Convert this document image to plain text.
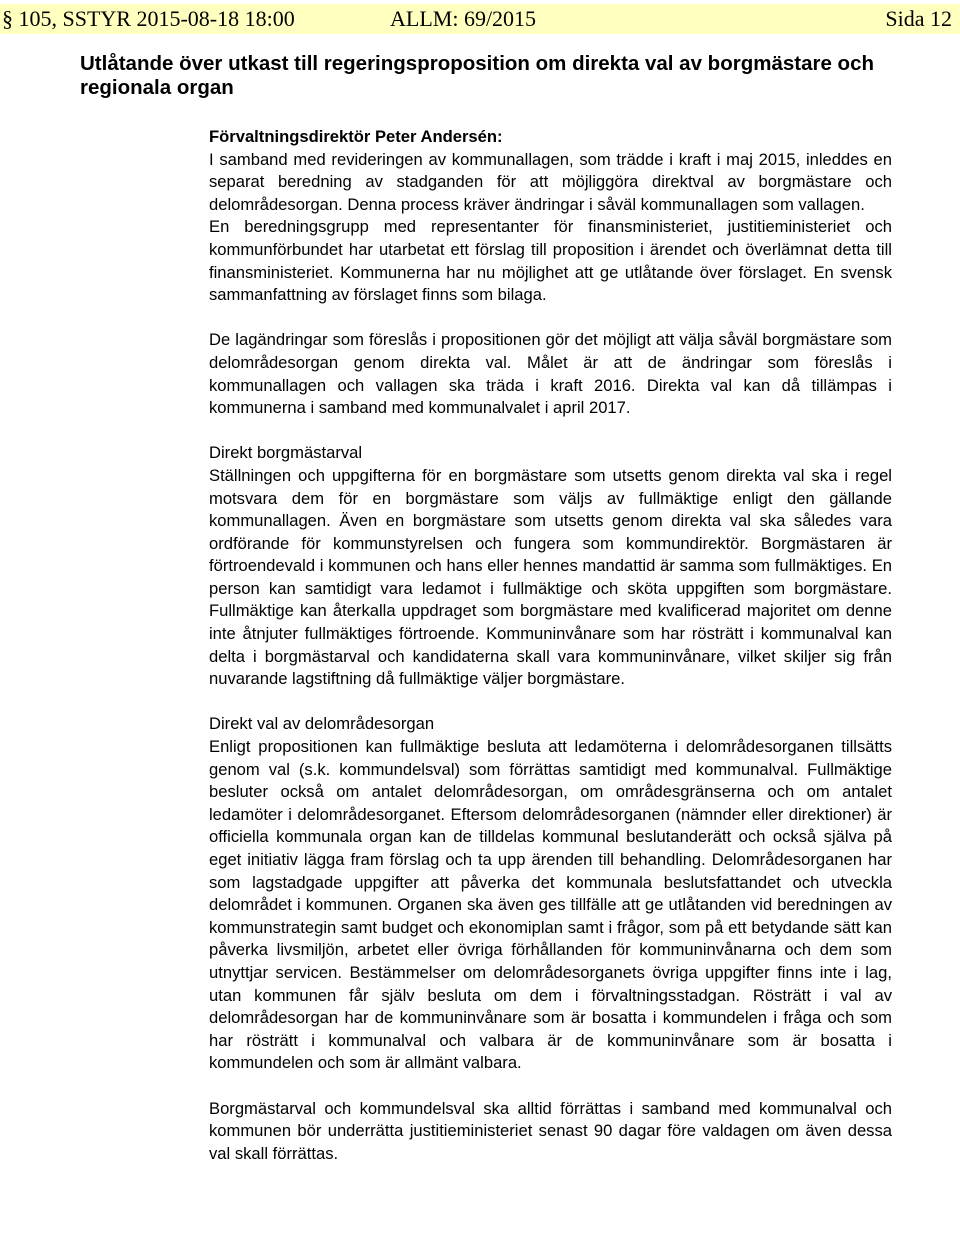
§ 105, SSTYR 2015-08-18 18:00	ALLM: 69/2015	Sida 12
Utlåtande över utkast till regeringsproposition om direkta val av borgmästare och regionala organ

Förvaltningsdirektör Peter Andersén:

I samband med revideringen av kommunallagen, som trädde i kraft i maj 2015, inleddes en separat beredning av stadganden för att möjliggöra direktval av borgmästare och delområdesorgan. Denna process kräver ändringar i såväl kommunallagen som vallagen.

En beredningsgrupp med representanter för finansministeriet, justitieministeriet och kommunförbundet har utarbetat ett förslag till proposition i ärendet och överlämnat detta till finansministeriet. Kommunerna har nu möjlighet att ge utlåtande över förslaget. En svensk sammanfattning av förslaget finns som bilaga.

De lagändringar som föreslås i propositionen gör det möjligt att välja såväl borgmästare som delområdesorgan genom direkta val. Målet är att de ändringar som föreslås i kommunallagen och vallagen ska träda i kraft 2016. Direkta val kan då tillämpas i kommunerna i samband med kommunalvalet i april 2017.

Direkt borgmästarval

Ställningen och uppgifterna för en borgmästare som utsetts genom direkta val ska i regel motsvara dem för en borgmästare som väljs av fullmäktige enligt den gällande kommunallagen. Även en borgmästare som utsetts genom direkta val ska således vara ordförande för kommunstyrelsen och fungera som kommundirektör. Borgmästaren är förtroendevald i kommunen och hans eller hennes mandattid är samma som fullmäktiges. En person kan samtidigt vara ledamot i fullmäktige och sköta uppgiften som borgmästare. Fullmäktige kan återkalla uppdraget som borgmästare med kvalificerad majoritet om denne inte åtnjuter fullmäktiges förtroende. Kommuninvånare som har rösträtt i kommunalval kan delta i borgmästarval och kandidaterna skall vara kommuninvånare, vilket skiljer sig från nuvarande lagstiftning då fullmäktige väljer borgmästare.

Direkt val av delområdesorgan

Enligt propositionen kan fullmäktige besluta att ledamöterna i delområdesorganen tillsätts genom val (s.k. kommundelsval) som förrättas samtidigt med kommunalval. Fullmäktige besluter också om antalet delområdesorgan, om områdesgränserna och om antalet ledamöter i delområdesorganet. Eftersom delområdesorganen (nämnder eller direktioner) är officiella kommunala organ kan de tilldelas kommunal beslutanderätt och också själva på eget initiativ lägga fram förslag och ta upp ärenden till behandling. Delområdesorganen har som lagstadgade uppgifter att påverka det kommunala beslutsfattandet och utveckla delområdet i kommunen. Organen ska även ges tillfälle att ge utlåtanden vid beredningen av kommunstrategin samt budget och ekonomiplan samt i frågor, som på ett betydande sätt kan påverka livsmiljön, arbetet eller övriga förhållanden för kommuninvånarna och dem som utnyttjar servicen. Bestämmelser om delområdesorganets övriga uppgifter finns inte i lag, utan kommunen får själv besluta om dem i förvaltningsstadgan. Rösträtt i val av delområdesorgan har de kommuninvånare som är bosatta i kommundelen i fråga och som har rösträtt i kommunalval och valbara är de kommuninvånare som är bosatta i kommundelen och som är allmänt valbara.

Borgmästarval och kommundelsval ska alltid förrättas i samband med kommunalval och kommunen bör underrätta justitieministeriet senast 90 dagar före valdagen om även dessa val skall förrättas.
